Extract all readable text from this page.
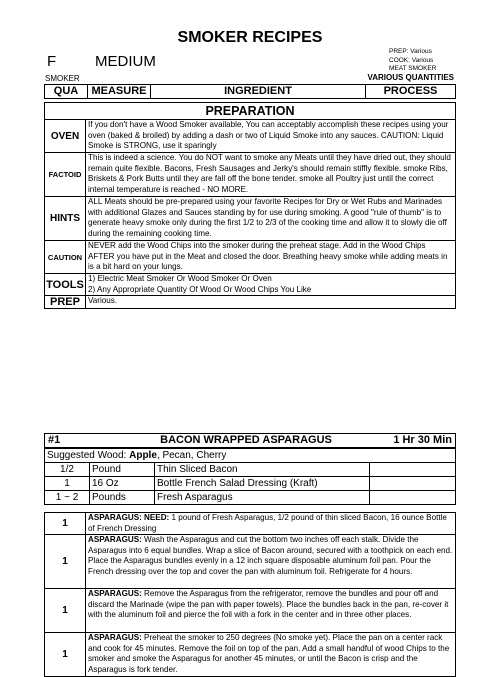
SMOKER RECIPES
F	MEDIUM
PREP: Various
COOK: Various
MEAT SMOKER
SMOKER	VARIOUS QUANTITIES
QUA	MEASURE	INGREDIENT	PROCESS
PREPARATION	
OVEN	If you don't have a Wood Smoker available, You can acceptably accomplish these recipes using your oven (baked & broiled) by adding a dash or two of Liquid Smoke into any sauces. CAUTION: Liquid Smoke is STRONG, use it sparingly
FACTOID	This is indeed a science. You do NOT want to smoke any Meats until they have dried out, they should remain quite flexible. Bacons, Fresh Sausages and Jerky's should remain stiffly flexible. smoke Ribs, Briskets & Pork Butts until they are fall off the bone tender. smoke all Poultry just until the correct internal temperature is reached - NO MORE.
HINTS	ALL Meats should be pre-prepared using your favorite Recipes for Dry or Wet Rubs and Marinades with additional Glazes and Sauces standing by for use during smoking. A good "rule of thumb" is to generate heavy smoke only during the first 1/2 to 2/3 of the cooking time and allow it to slowly die off during the remaining cooking time.
CAUTION	NEVER add the Wood Chips into the smoker during the preheat stage. Add in the Wood Chips AFTER you have put in the Meat and closed the door. Breathing heavy smoke while adding meats in is a bit hard on your lungs.
TOOLS	1) Electric Meat Smoker Or Wood Smoker Or Oven
2) Any Appropriate Quantity Of Wood Or Wood Chips You Like

PREP	Various.
#1	BACON WRAPPED ASPARAGUS	1 Hr 30 Min
Suggested Wood: Apple, Pecan, Cherry
1/2	Pound	Thin Sliced Bacon	
1	16 Oz	Bottle French Salad Dressing (Kraft)	
1 ~ 2	Pounds	Fresh Asparagus	
1	ASPARAGUS: NEED: 1 pound of Fresh Asparagus, 1/2 pound of thin sliced Bacon, 16 ounce Bottle of French Dressing
1	ASPARAGUS: Wash the Asparagus and cut the bottom two inches off each stalk. Divide the Asparagus into 6 equal bundles. Wrap a slice of Bacon around, secured with a toothpick on each end. Place the Asparagus bundles evenly in a 12 inch square disposable aluminum foil pan. Pour the French dressing over the top and cover the pan with aluminum foil. Refrigerate for 4 hours.
1	ASPARAGUS: Remove the Asparagus from the refrigerator, remove the bundles and pour off and discard the Marinade (wipe the pan with paper towels). Place the bundles back in the pan, re-cover it with the aluminum foil and pierce the foil with a fork in the center and in three other places.
1	ASPARAGUS: Preheat the smoker to 250 degrees (No smoke yet). Place the pan on a center rack and cook for 45 minutes. Remove the foil on top of the pan. Add a small handful of wood Chips to the smoker and smoke the Asparagus for another 45 minutes, or until the Bacon is crisp and the Asparagus is fork tender.
